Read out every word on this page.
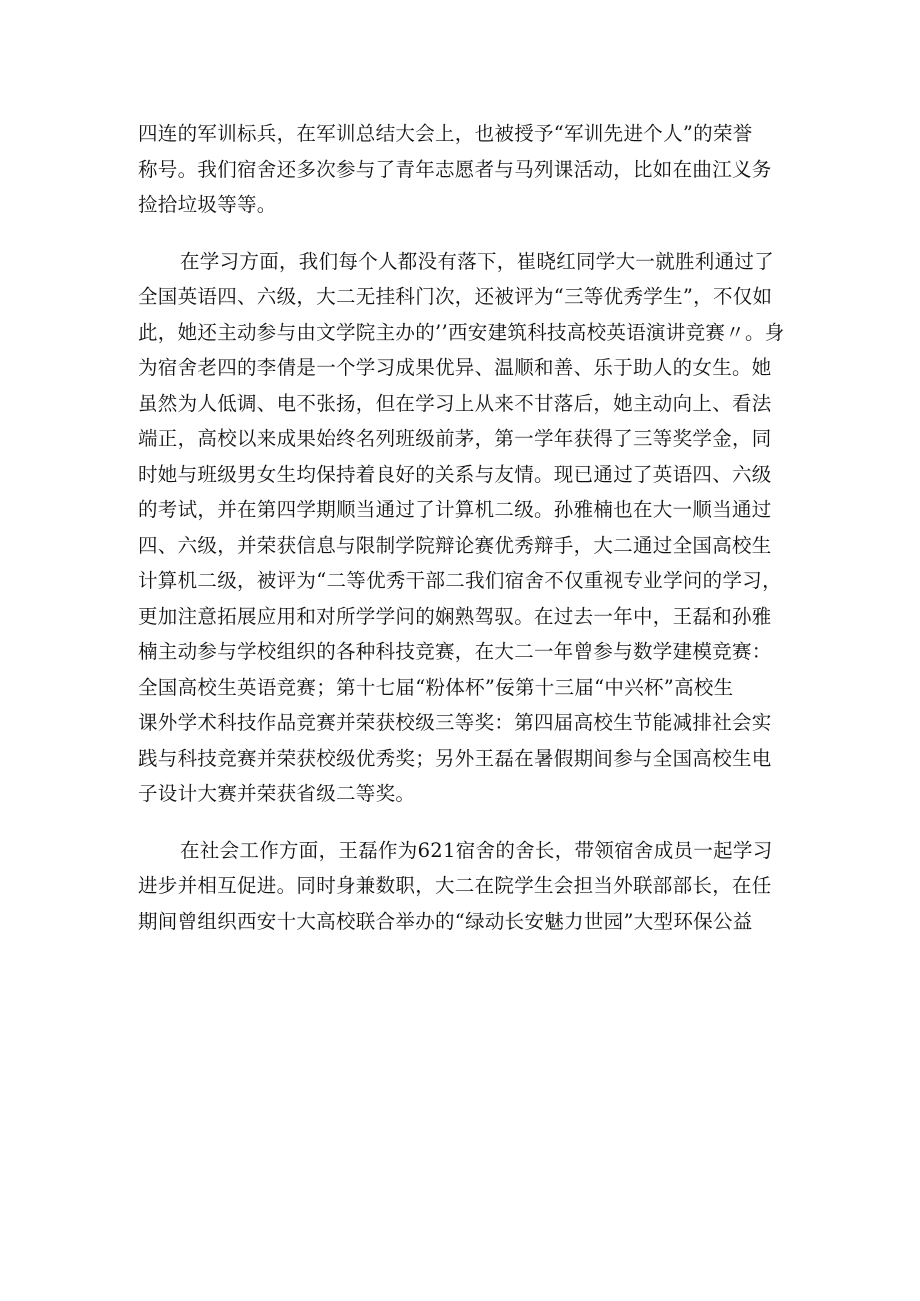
四连的军训标兵，在军训总结大会上，也被授予“军训先进个人”的荣誉
称号。我们宿舍还多次参与了青年志愿者与马列课活动，比如在曲江义务
捡拾垃圾等等。
在学习方面，我们每个人都没有落下，崔晓红同学大一就胜利通过了
全国英语四、六级，大二无挂科门次，还被评为“三等优秀学生”，不仅如
此，她还主动参与由文学院主办的’’西安建筑科技高校英语演讲竞赛〃。身
为宿舍老四的李倩是一个学习成果优异、温顺和善、乐于助人的女生。她
虽然为人低调、电不张扬，但在学习上从来不甘落后，她主动向上、看法
端正，高校以来成果始终名列班级前茅，第一学年获得了三等奖学金，同
时她与班级男女生均保持着良好的关系与友情。现已通过了英语四、六级
的考试，并在第四学期顺当通过了计算机二级。孙雅楠也在大一顺当通过
四、六级，并荣获信息与限制学院辩论赛优秀辩手，大二通过全国高校生
计算机二级，被评为“二等优秀干部二我们宿舍不仅重视专业学问的学习，
更加注意拓展应用和对所学学问的娴熟驾驭。在过去一年中，王磊和孙雅
楠主动参与学校组织的各种科技竞赛，在大二一年曾参与数学建模竞赛：
全国高校生英语竞赛；第十七届“粉体杯”佞第十三届“中兴杯”高校生
课外学术科技作品竞赛并荣获校级三等奖：第四届高校生节能减排社会实
践与科技竞赛并荣获校级优秀奖；另外王磊在暑假期间参与全国高校生电
子设计大赛并荣获省级二等奖。
在社会工作方面，王磊作为621宿舍的舍长，带领宿舍成员一起学习
进步并相互促进。同时身兼数职，大二在院学生会担当外联部部长，在任
期间曾组织西安十大高校联合举办的“绿动长安魅力世园”大型环保公益
